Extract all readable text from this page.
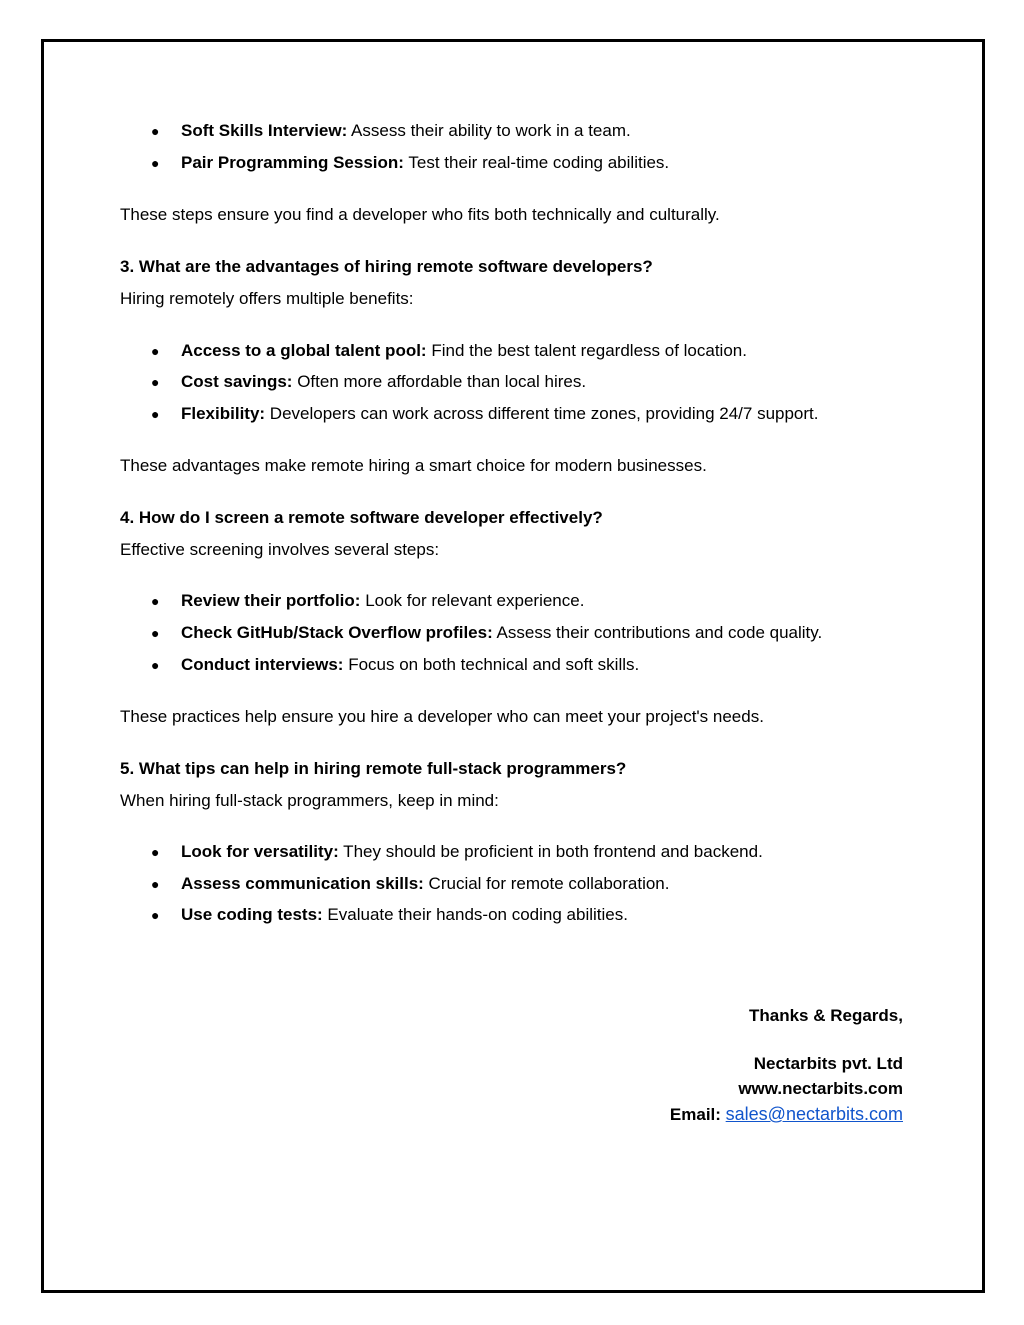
● Soft Skills Interview: Assess their ability to work in a team.
● Pair Programming Session: Test their real-time coding abilities.
These steps ensure you find a developer who fits both technically and culturally.
3. What are the advantages of hiring remote software developers?
Hiring remotely offers multiple benefits:
● Access to a global talent pool: Find the best talent regardless of location.
● Cost savings: Often more affordable than local hires.
● Flexibility: Developers can work across different time zones, providing 24/7 support.
These advantages make remote hiring a smart choice for modern businesses.
4. How do I screen a remote software developer effectively?
Effective screening involves several steps:
● Review their portfolio: Look for relevant experience.
● Check GitHub/Stack Overflow profiles: Assess their contributions and code quality.
● Conduct interviews: Focus on both technical and soft skills.
These practices help ensure you hire a developer who can meet your project's needs.
5. What tips can help in hiring remote full-stack programmers?
When hiring full-stack programmers, keep in mind:
● Look for versatility: They should be proficient in both frontend and backend.
● Assess communication skills: Crucial for remote collaboration.
● Use coding tests: Evaluate their hands-on coding abilities.
Thanks & Regards,
Nectarbits pvt. Ltd
www.nectarbits.com
Email: sales@nectarbits.com
